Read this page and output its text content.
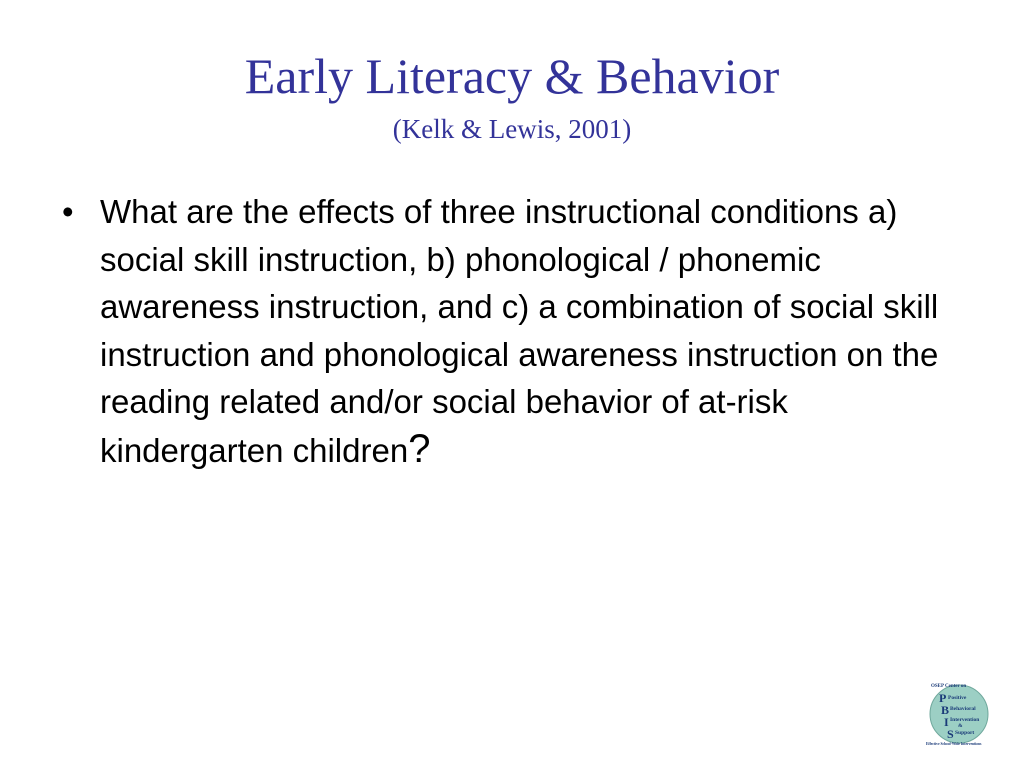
Early Literacy & Behavior
(Kelk & Lewis, 2001)
• What are the effects of three instructional conditions a) social skill instruction, b) phonological / phonemic awareness instruction, and c) a combination of social skill instruction and phonological awareness instruction on the reading related and/or social behavior of at-risk kindergarten children?
OSEP Center on
P Positive
B Behavioral
I Intervention
&
S Support
Effective School-Wide Interventions
